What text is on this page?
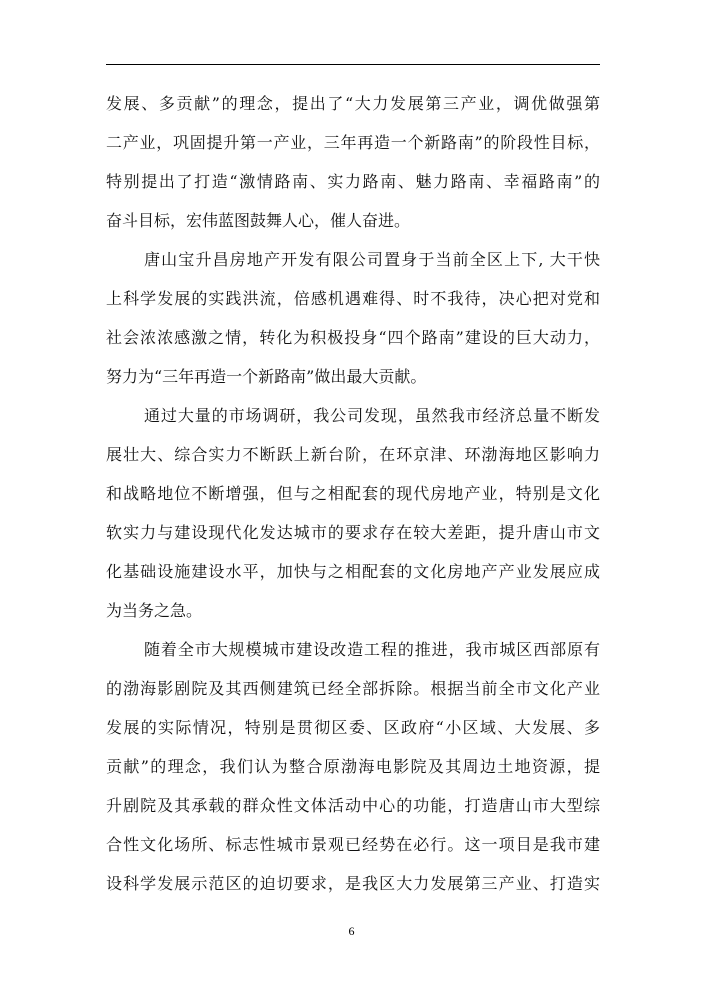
发展、多贡献”的理念，提出了“大力发展第三产业，调优做强第
二产业，巩固提升第一产业，三年再造一个新路南”的阶段性目标，
特别提出了打造“激情路南、实力路南、魅力路南、幸福路南”的
奋斗目标，宏伟蓝图鼓舞人心，催人奋进。
唐山宝升昌房地产开发有限公司置身于当前全区上下, 大干快
上科学发展的实践洪流，倍感机遇难得、时不我待，决心把对党和
社会浓浓感激之情，转化为积极投身“四个路南”建设的巨大动力，
努力为“三年再造一个新路南”做出最大贡献。
通过大量的市场调研，我公司发现，虽然我市经济总量不断发
展壮大、综合实力不断跃上新台阶，在环京津、环渤海地区影响力
和战略地位不断增强，但与之相配套的现代房地产业，特别是文化
软实力与建设现代化发达城市的要求存在较大差距，提升唐山市文
化基础设施建设水平，加快与之相配套的文化房地产产业发展应成
为当务之急。
随着全市大规模城市建设改造工程的推进，我市城区西部原有
的渤海影剧院及其西侧建筑已经全部拆除。根据当前全市文化产业
发展的实际情况，特别是贯彻区委、区政府“小区域、大发展、多
贡献”的理念，我们认为整合原渤海电影院及其周边土地资源，提
升剧院及其承载的群众性文体活动中心的功能，打造唐山市大型综
合性文化场所、标志性城市景观已经势在必行。这一项目是我市建
设科学发展示范区的迫切要求，是我区大力发展第三产业、打造实
6
